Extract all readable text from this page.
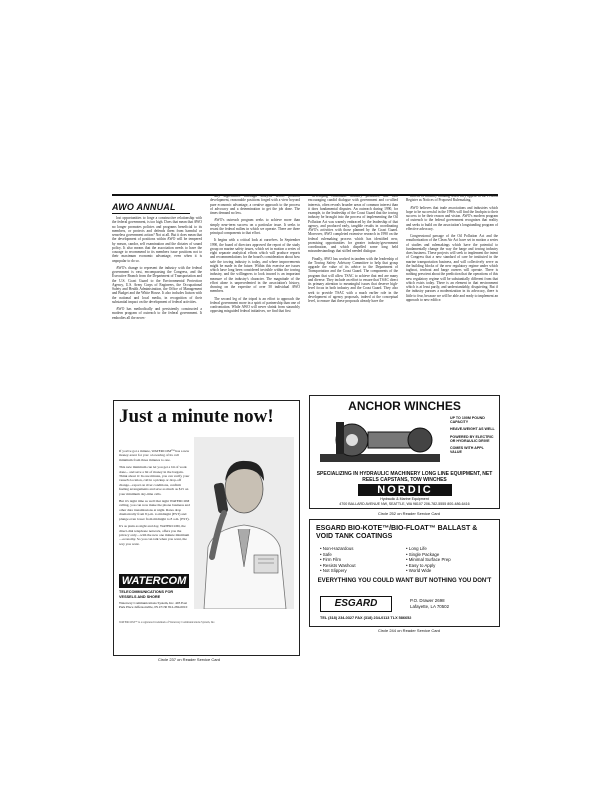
AWO ANNUAL

lost opportunities to forge a constructive relationship with the federal government, is too high. Does that mean that AWO no longer promotes policies and programs beneficial to its members, or protects and defends them from harmful or senseless government action? Not at all. But it does mean that the development of positions within AWO will be tempered by reason, candor, self examination and the dictates of sound policy. It also means that the association needs to have the courage to recommend to its members issue positions not to their maximum economic advantage, even when it is unpopular to do so.

AWO's change to represent the industry with the federal government is vast, encompassing the Congress, and the Executive Branch from the Department of Transportation and the U.S. Coast Guard to the Environmental Protection Agency, U.S. Army Corps of Engineers, the Occupational Safety and Health Administration, the Office of Management and Budget and the White House. It also includes liaison with the national and local media, in recognition of their substantial impact on the development of federal activities.

AWO has methodically and persistently constructed a modern program of outreach to the federal government. It embodies all the neces-

sary ingredients: thorough analysis before position development, reasonable positions forged with a view beyond pure economic advantage, a creative approach to the process of advocacy and a determination to get the job done. The times demand no less.

AWO's outreach program seeks to achieve more than simply near-term success on a particular issue. It seeks to recast the federal milieu in which we operate. There are three principal components to that effort.

It begins with a critical look at ourselves. In September 1990, the board of directors approved the report of the study group on marine safety issues, which set in motion a series of eight separate analytical efforts which will produce reports and recommendations for the board's consideration about how safe the towing industry is today, and where improvements might be made in the future. Within this exercise are issues which have long been considered invisible within the towing industry, and the willingness to look inward is an important measure of the industry's character. The magnitude of the effort alone is unprecedented in the association's history, drawing on the expertise of over 50 individual AWO members.

The second leg of the tripod is an effort to approach the federal government more in a spirit of partnership than one of confrontation. While AWO will never shrink from staunchly opposing misguided federal initiatives, we find that first

developing reasonable industry positions, and then encouraging candid dialogue with government and co-allied interests, often reveals broader areas of common interest than it does fundamental disputes. An outreach during 1990, for example, to the leadership of the Coast Guard that the towing industry be brought into the process of implementing the Oil Pollution Act was warmly embraced by the leadership of that agency, and produced early, tangible results in coordinating AWO's activities with those planned by the Coast Guard. Moreover, AWO completed extensive research in 1990 on the federal rulemaking process which has identified new, promising opportunities for greater industry/government coordination, and which dispelled some long held misunderstandings that stifled needed dialogue.

Finally, AWO has worked in tandem with the leadership of the Towing Safety Advisory Committee to help that group upgrade the value of its advice to the Department of Transportation and the Coast Guard. The components of the program that will allow TSAC to achieve that end are many and diverse. They include an effort to ensure that TSAC direct its primary attention to meaningful issues that deserve high-level focus in both industry and the Coast Guard. They also seek to provide TSAC with a much earlier role in the development of agency proposals, indeed at the conceptual level, to ensure that these proposals already have the

benefit of industry thinking when they appear in the Federal Register as Notices of Proposed Rulemaking.

AWO believes that trade associations and industries which hope to be successful in the 1990s will find the linchpin to their success to be their reason and vision. AWO's modern program of outreach to the federal government recognizes that reality and seeks to build on the association's longstanding program of effective advocacy.

Congressional passage of the Oil Pollution Act and the reauthorization of the Clean Air Act have set in motion a series of studies and rulemakings which have the potential to fundamentally change the way the barge and towing industry does business. These projects will seek to implement the intent of Congress that a new standard of care be instituted in the marine transportation business, and will collectively serve as the building blocks of the new regulatory regime under which tugboat, towboat and barge owners will operate. There is nothing prescient about the prediction that the operations of this new regulatory regime will be substantially different from that which exists today. There is an element in that environment which is at least partly, and understandably, disquieting. But if the industry pursues a modernization in its advocacy, there is little to fear, because we will be able and ready to implement an approach to new edifice.

Just a minute now!

If you've got a minute, WATERCOM™ has a new money-saver for you: a lowering of its call minimum from three minutes to one.

This new minimum can let you get a bit of work done... and save a bit of money in the bargain. Think about it: In one minute, you can verify your vessel's location, call in a pickup or drop-off change—report on river conditions, confirm fueling arrangements and save as much as $15 on your minimum day-time calls.

But it's night time as well that night WATERCOM calling, you can now make the phone business and other data transmissions at night. Rates drop dramatically from 8 p.m. to midnight (EST) and plunge even lower from midnight to 8 a.m. (EST).

It's as plain as night and day, WATERCOM, the direct-dial telephone network, offers you the privacy only—with the new one minute minimum—economy. So you can talk when you want, the way you want.

WATERCOM
TELECOMMUNICATIONS FOR VESSELS AND SHORE
Waterway Communications System, Inc. 403 East Park Place Jeffersonville, IN 47130 812-284-0010
WATERCOM™ is a registered trademark of Waterway Communications System, Inc.
Circle 237 on Reader Service Card
ANCHOR WINCHES
UP TO 100M POUND CAPACITY
HEAVE-WEIGHT AS WELL
POWERED BY ELECTRIC OR HYDRAULIC DRIVE
COMES WITH APPL VALUE
SPECIALIZING IN HYDRAULIC MACHINERY LONG LINE EQUIPMENT, NET REELS CAPSTANS, TOW WINCHES
NORDIC
Hydraulic & Marine Equipment
4700 BALLARD AVENUE NW, SEATTLE, WA 98107 206-782-5555 800-486-6416
Circle 252 on Reader Service Card
ESGARD BIO-KOTE™/BIO-FLOAT™ BALLAST & VOID TANK COATINGS
• Non-Hazardous
• Safe
• Firm Film
• Resists Washout
• Not Slippery
• Long Life
• Single Package
• Minimal Surface Prep
• Easy to Apply
• World Wide
EVERYTHING YOU COULD WANT BUT NOTHING YOU DON'T
ESGARD	P.O. Drawer 2698
Lafayette, LA 70502
TEL (318) 234-0327 FAX (318) 234-0113 TLX 586652
Circle 244 on Reader Service Card
